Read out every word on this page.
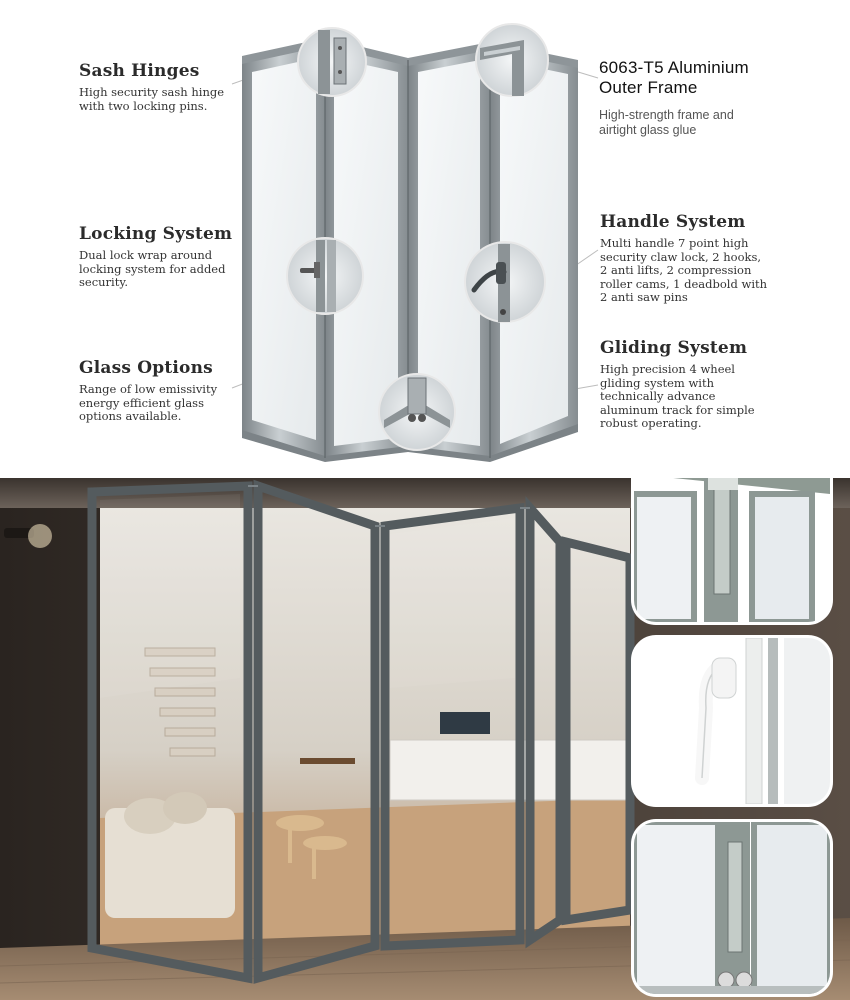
Sash Hinges

High security sash hinge
with two locking pins.

Locking System

Dual lock wrap around
locking system for added
security.

Glass Options

Range of low emissivity
energy efficient glass
options available.

6063-T5 Aluminium
Outer Frame

High-strength frame and
airtight glass glue

Handle System

Multi handle 7 point high
security claw lock, 2 hooks,
2 anti lifts, 2 compression
roller cams, 1 deadbold with
2 anti saw pins

Gliding System

High precision 4 wheel
gliding system with
technically advance
aluminum track for simple
robust operating.
